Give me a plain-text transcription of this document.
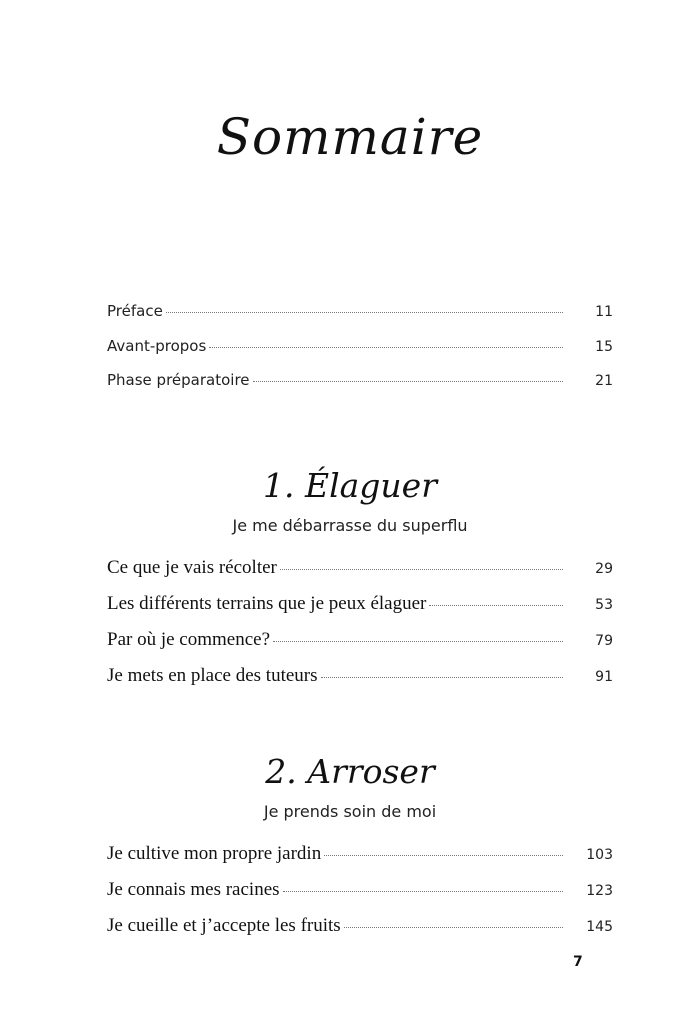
Sommaire
Préface	11
Avant-propos	15
Phase préparatoire	21
1. Élaguer
Je me débarrasse du superflu
Ce que je vais récolter	29
Les différents terrains que je peux élaguer	53
Par où je commence?	79
Je mets en place des tuteurs	91
2. Arroser
Je prends soin de moi
Je cultive mon propre jardin	103
Je connais mes racines	123
Je cueille et j’accepte les fruits	145
7
